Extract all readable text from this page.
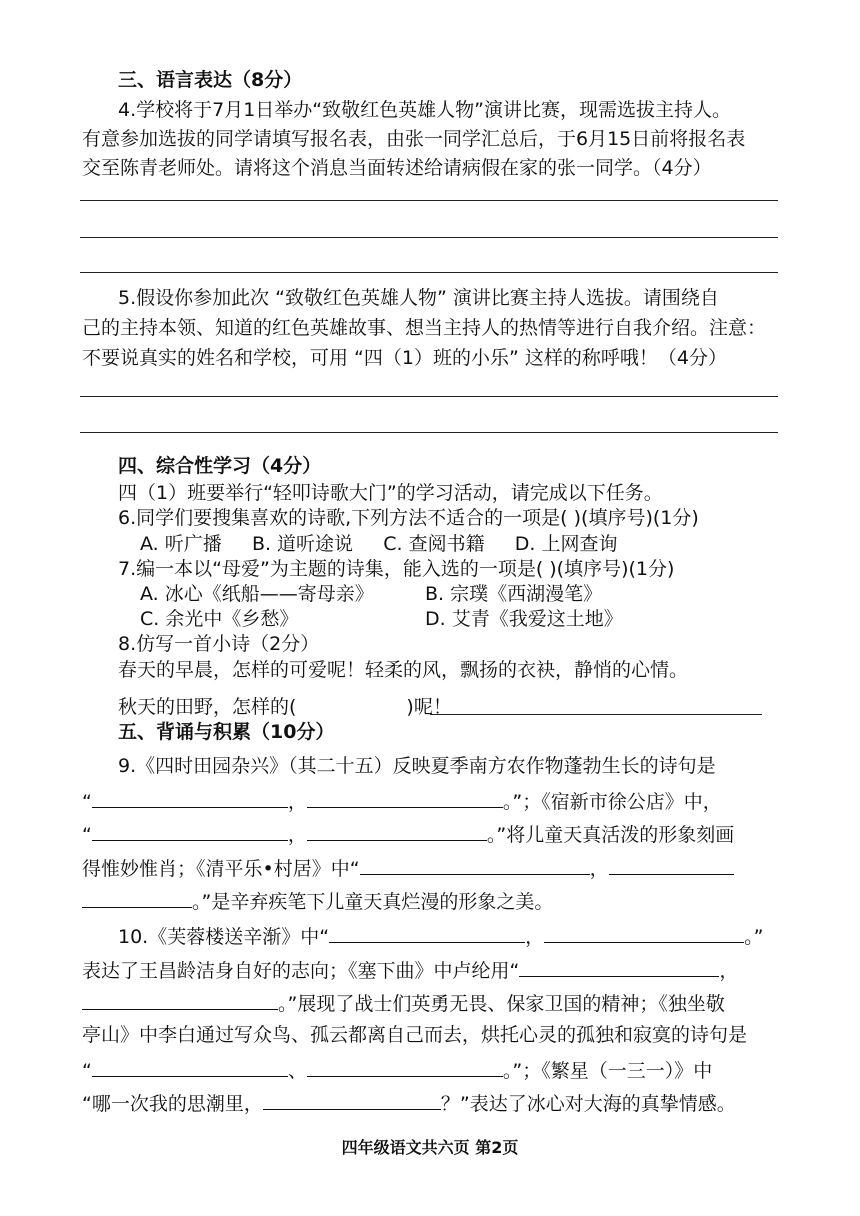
三、语言表达（8分）
4.学校将于7月1日举办“致敬红色英雄人物”演讲比赛，现需选拔主持人。
有意参加选拔的同学请填写报名表，由张一同学汇总后，于6月15日前将报名表
交至陈青老师处。请将这个消息当面转述给请病假在家的张一同学。（4分）
5.假设你参加此次 “致敬红色英雄人物” 演讲比赛主持人选拔。请围绕自
己的主持本领、知道的红色英雄故事、想当主持人的热情等进行自我介绍。注意：
不要说真实的姓名和学校，可用 “四（1）班的小乐” 这样的称呼哦！（4分）
四、综合性学习（4分）
四（1）班要举行“轻叩诗歌大门”的学习活动，请完成以下任务。
6.同学们要搜集喜欢的诗歌,下列方法不适合的一项是( )(填序号)(1分)
A. 听广播     B. 道听途说     C. 查阅书籍     D. 上网查询
7.编一本以“母爱”为主题的诗集，能入选的一项是( )(填序号)(1分)
A. 冰心《纸船——寄母亲》	B. 宗璞《西湖漫笔》
C. 余光中《乡愁》	D. 艾青《我爱这土地》
8.仿写一首小诗（2分）
春天的早晨，怎样的可爱呢！轻柔的风，飘扬的衣袂，静悄的心情。
秋天的田野，怎样的(	)呢！
五、背诵与积累（10分）
9.《四时田园杂兴》（其二十五）反映夏季南方农作物蓬勃生长的诗句是
“	，	。”；《宿新市徐公店》中，
“	，	。”将儿童天真活泼的形象刻画
得惟妙惟肖；《清平乐•村居》中“	，
。”是辛弃疾笔下儿童天真烂漫的形象之美。
10.《芙蓉楼送辛渐》中“	，	。”
表达了王昌龄洁身自好的志向；《塞下曲》中卢纶用“	，
。”展现了战士们英勇无畏、保家卫国的精神；《独坐敬
亭山》中李白通过写众鸟、孤云都离自己而去，烘托心灵的孤独和寂寞的诗句是
“	、	。”；《繁星（一三一）》中
“哪一次我的思潮里，	？”表达了冰心对大海的真挚情感。
四年级语文共六页 第2页
